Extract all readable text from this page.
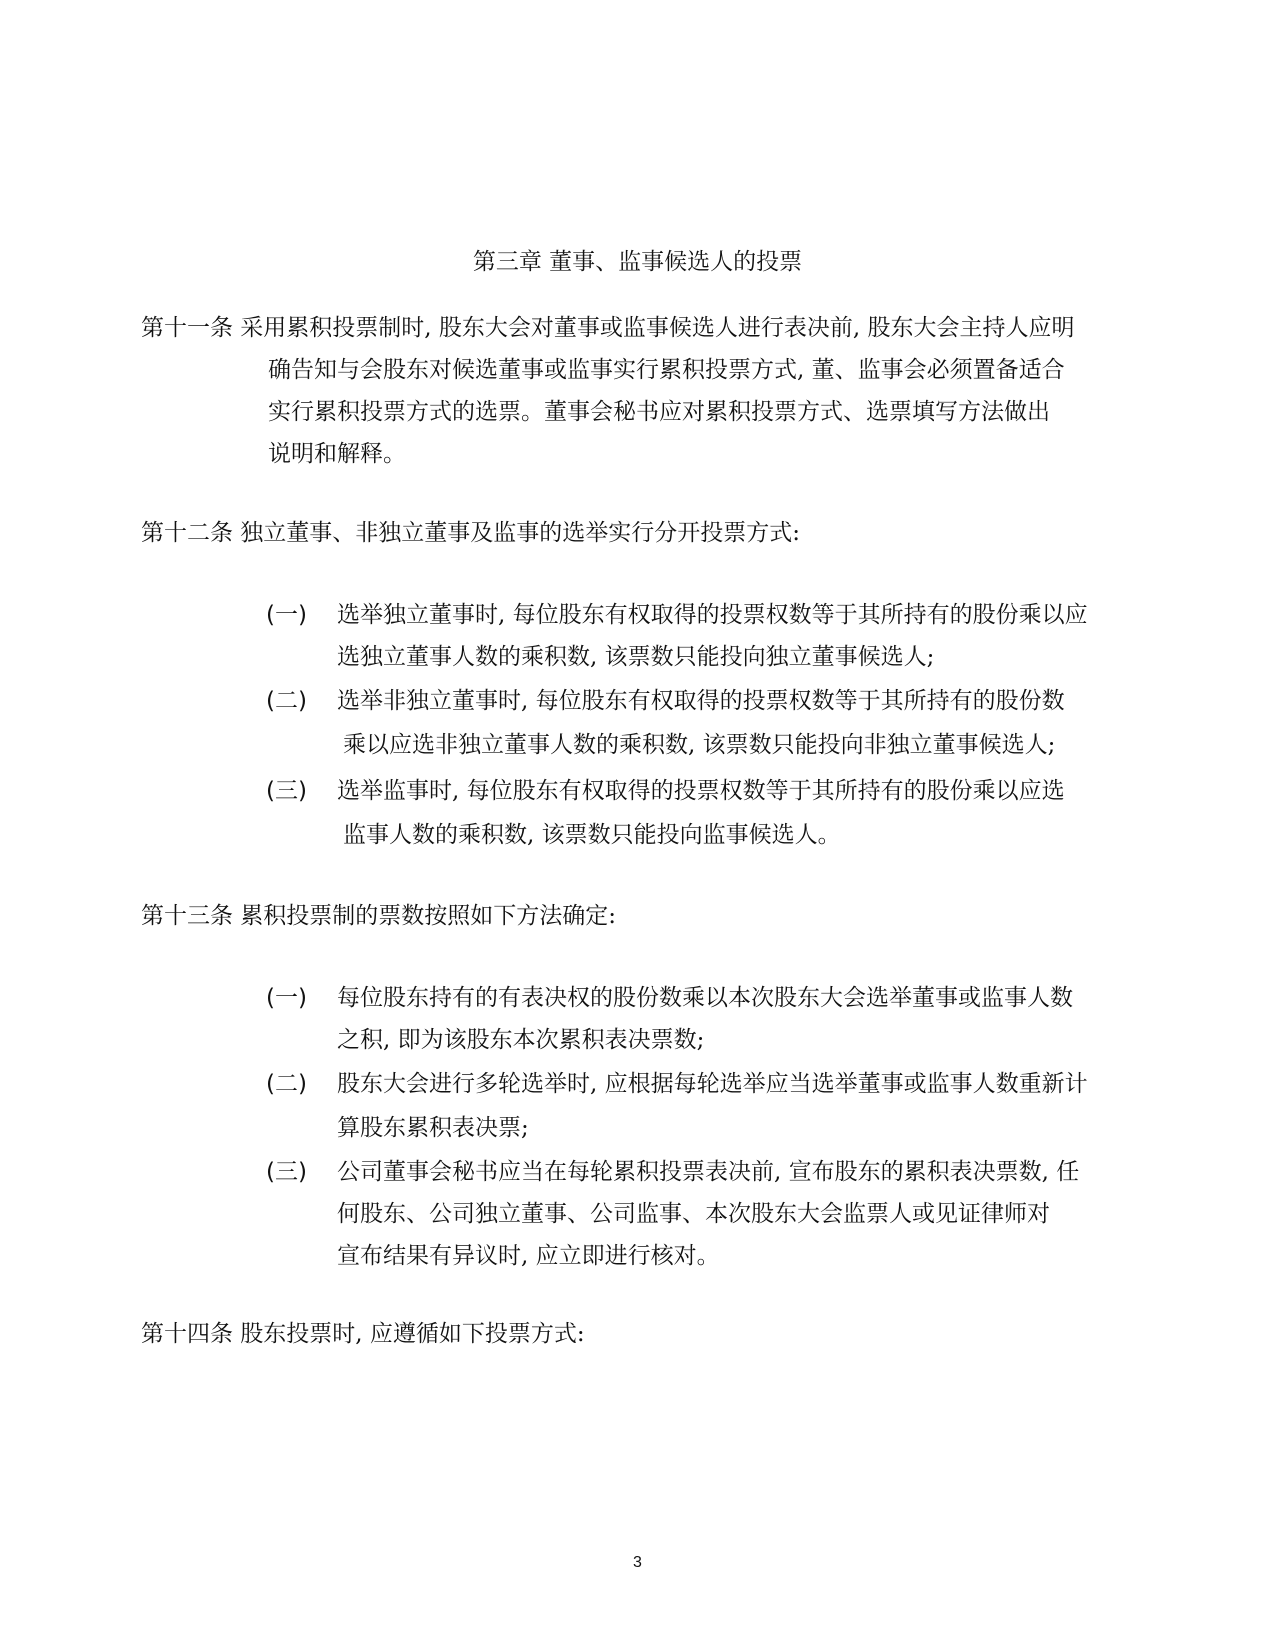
第三章 董事、监事候选人的投票
第十一条 采用累积投票制时, 股东大会对董事或监事候选人进行表决前, 股东大会主持人应明
确告知与会股东对候选董事或监事实行累积投票方式, 董、监事会必须置备适合
实行累积投票方式的选票。董事会秘书应对累积投票方式、选票填写方法做出
说明和解释。
第十二条 独立董事、非独立董事及监事的选举实行分开投票方式:
(一) 选举独立董事时, 每位股东有权取得的投票权数等于其所持有的股份乘以应
选独立董事人数的乘积数, 该票数只能投向独立董事候选人;
(二) 选举非独立董事时, 每位股东有权取得的投票权数等于其所持有的股份数
乘以应选非独立董事人数的乘积数, 该票数只能投向非独立董事候选人;
(三) 选举监事时, 每位股东有权取得的投票权数等于其所持有的股份乘以应选
监事人数的乘积数, 该票数只能投向监事候选人。
第十三条 累积投票制的票数按照如下方法确定:
(一) 每位股东持有的有表决权的股份数乘以本次股东大会选举董事或监事人数
之积, 即为该股东本次累积表决票数;
(二) 股东大会进行多轮选举时, 应根据每轮选举应当选举董事或监事人数重新计
算股东累积表决票;
(三) 公司董事会秘书应当在每轮累积投票表决前, 宣布股东的累积表决票数, 任
何股东、公司独立董事、公司监事、本次股东大会监票人或见证律师对
宣布结果有异议时, 应立即进行核对。
第十四条 股东投票时, 应遵循如下投票方式:
3
